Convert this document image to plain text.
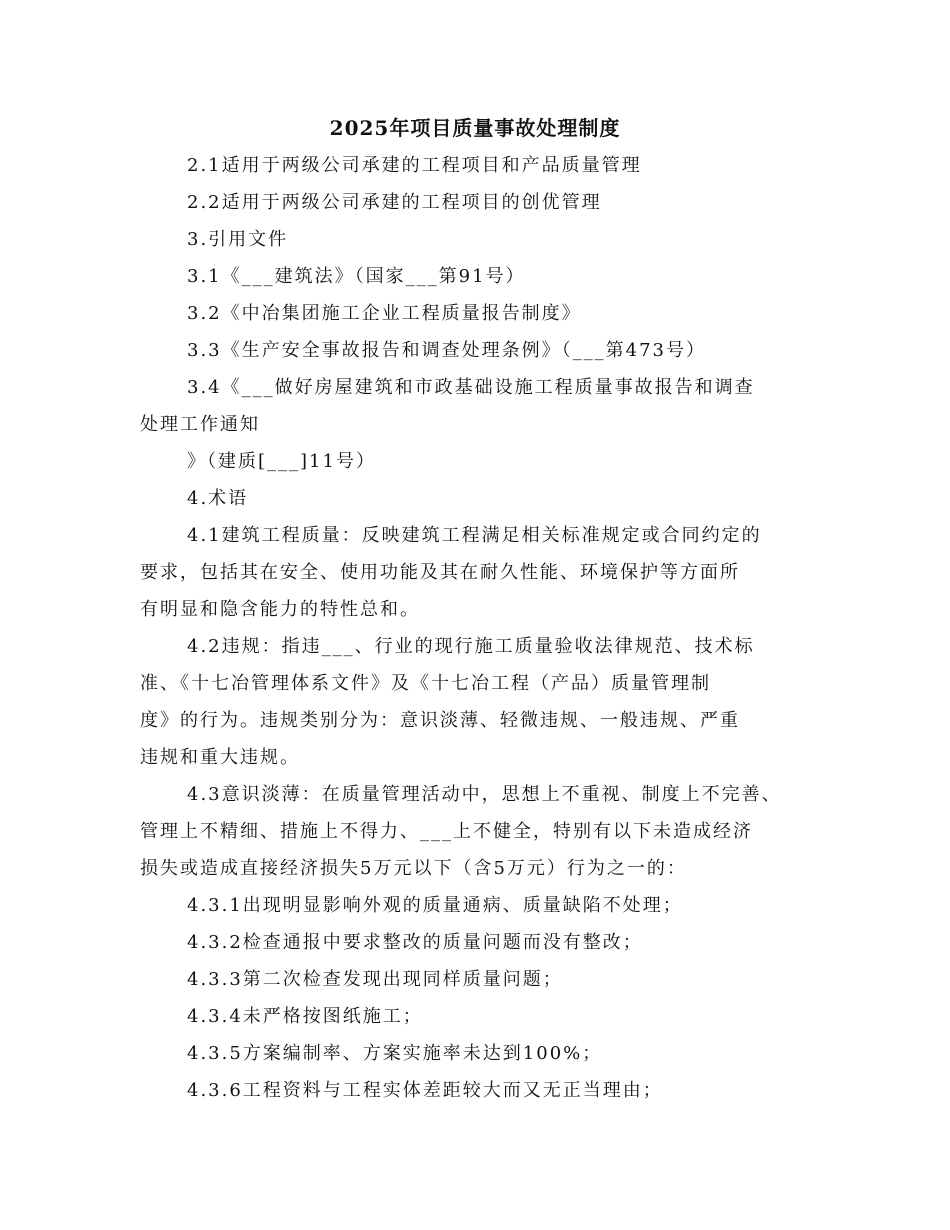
2025年项目质量事故处理制度
2.1适用于两级公司承建的工程项目和产品质量管理
2.2适用于两级公司承建的工程项目的创优管理
3.引用文件
3.1《___建筑法》（国家___第91号）
3.2《中冶集团施工企业工程质量报告制度》
3.3《生产安全事故报告和调查处理条例》（___第473号）
3.4《___做好房屋建筑和市政基础设施工程质量事故报告和调查
处理工作通知
》（建质[___]11号）
4.术语
4.1建筑工程质量：反映建筑工程满足相关标准规定或合同约定的
要求，包括其在安全、使用功能及其在耐久性能、环境保护等方面所
有明显和隐含能力的特性总和。
4.2违规：指违___、行业的现行施工质量验收法律规范、技术标
准、《十七冶管理体系文件》及《十七冶工程（产品）质量管理制
度》的行为。违规类别分为：意识淡薄、轻微违规、一般违规、严重
违规和重大违规。
4.3意识淡薄：在质量管理活动中，思想上不重视、制度上不完善、
管理上不精细、措施上不得力、___上不健全，特别有以下未造成经济
损失或造成直接经济损失5万元以下（含5万元）行为之一的：
4.3.1出现明显影响外观的质量通病、质量缺陷不处理；
4.3.2检查通报中要求整改的质量问题而没有整改；
4.3.3第二次检查发现出现同样质量问题；
4.3.4未严格按图纸施工；
4.3.5方案编制率、方案实施率未达到100%；
4.3.6工程资料与工程实体差距较大而又无正当理由；
